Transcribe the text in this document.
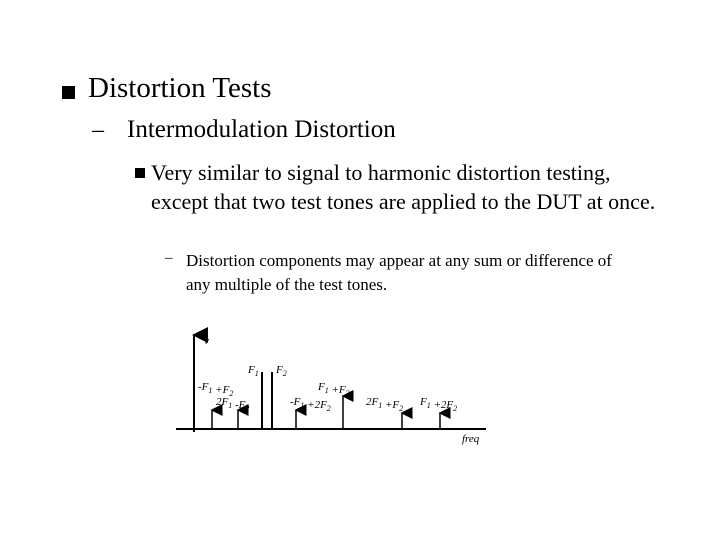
Distortion Tests
– Intermodulation Distortion
Very similar to signal to harmonic distortion testing, except that two test tones are applied to the DUT at once.
– Distortion components may appear at any sum or difference of any multiple of the test tones.
v
freq
$-F_1 +F_2$
$2F_1$ $-F_2$
$F_1$ $F_2$
$-F_1 +2F_2$
$F_1 +F_2$
$2F_1 +F_2$
$F_1 +2F_2$
